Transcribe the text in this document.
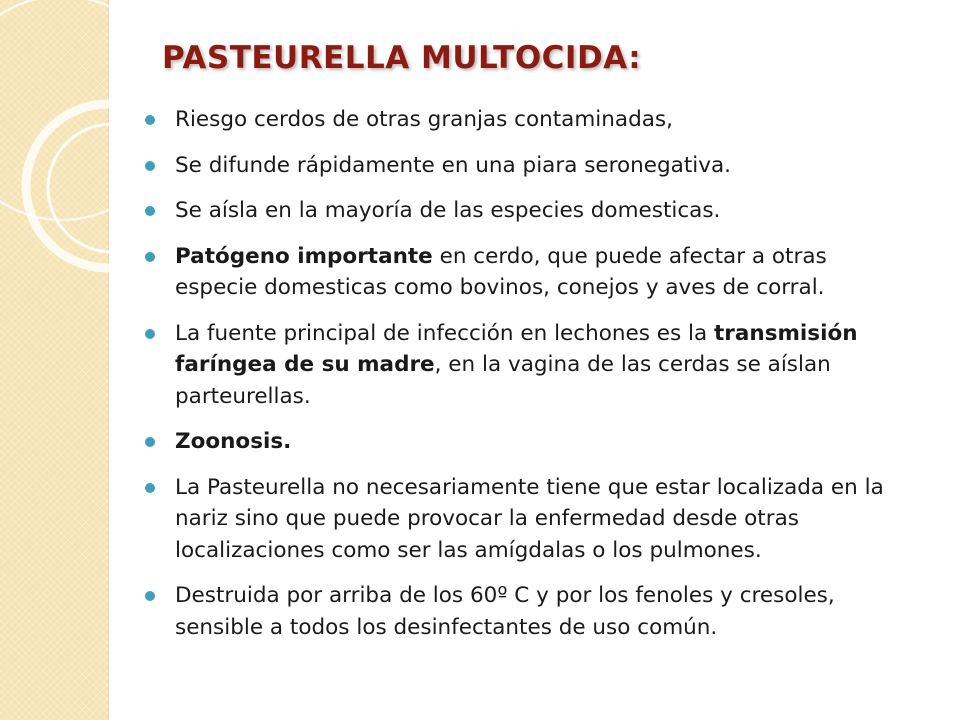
PASTEURELLA MULTOCIDA:
Riesgo cerdos de otras granjas contaminadas,
Se difunde rápidamente en una piara seronegativa.
Se aísla en la mayoría de las especies domesticas.
Patógeno importante en cerdo, que puede afectar a otras especie domesticas como bovinos, conejos y aves de corral.
La fuente principal de infección en lechones es la transmisión faríngea de su madre, en la vagina de las cerdas se aíslan parteurellas.
Zoonosis.
La Pasteurella no necesariamente tiene que estar localizada en la nariz sino que puede provocar la enfermedad desde otras localizaciones como ser las amígdalas o los pulmones.
Destruida por arriba de los 60º C y por los fenoles y cresoles, sensible a todos los desinfectantes de uso común.
